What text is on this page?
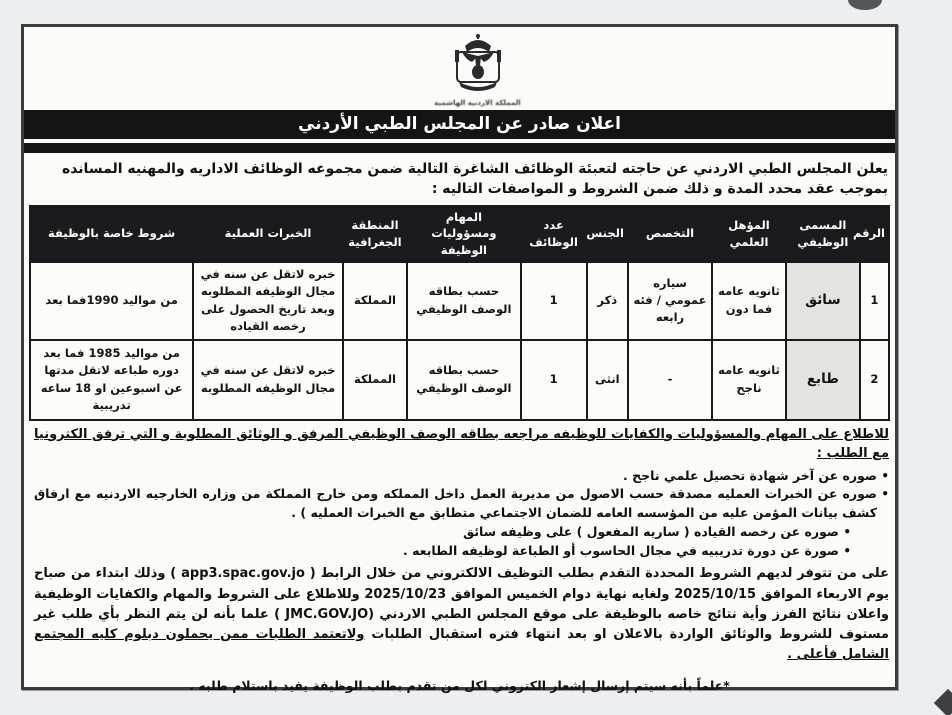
المملكة الاردنية الهاشمية
اعلان صادر عن المجلس الطبي الأردني
يعلن المجلس الطبي الاردني عن حاجته لتعبئة الوظائف الشاغرة التالية ضمن مجموعه الوظائف الاداريه والمهنيه المسانده بموجب عقد محدد المدة و ذلك ضمن الشروط و المواصفات التاليه :
الرقم	المسمى الوظيفي	المؤهل العلمي	التخصص	الجنس	عدد الوظائف	المهام ومسؤوليات الوظيفة	المنطقة الجغرافية	الخبرات العملية	شروط خاصة بالوظيفة
1	سائق	ثانويه عامه فما دون	سياره عمومي / فئه رابعه	ذكر	1	حسب بطاقه الوصف الوظيفي	المملكة	خبره لاتقل عن سنه في مجال الوظيفه المطلوبه وبعد تاريخ الحصول على رخصه القياده	من مواليد 1990فما بعد
2	طابع	ثانويه عامه ناجح	-	انثى	1	حسب بطاقه الوصف الوظيفي	المملكة	خبره لاتقل عن سنه في مجال الوظيفه المطلوبه	من مواليد 1985 فما بعد دوره طباعه لاتقل مدتها عن اسبوعين او 18 ساعه تدريبية
للاطلاع على المهام والمسؤوليات والكفايات للوظيفه مراجعه بطاقه الوصف الوظيفي المرفق و الوثائق المطلوبة و التي ترفق الكترونيا مع الطلب :
• صوره عن آخر شهادة تحصيل علمي ناجح .
• صوره عن الخبرات العمليه مصدقة حسب الاصول من مديرية العمل داخل المملكه ومن خارج المملكة من وزاره الخارجيه الاردنيه مع ارفاق كشف بيانات المؤمن عليه من المؤسسه العامه للضمان الاجتماعي متطابق مع الخبرات العمليه ) .
• صوره عن رخصه القياده ( ساريه المفعول ) على وظيفه سائق
• صورة عن دورة تدريبيه في مجال الحاسوب أو الطباعة لوظيفه الطابعه .
على من تتوفر لديهم الشروط المحددة التقدم بطلب التوظيف الالكتروني من خلال الرابط ( app3.spac.gov.jo ) وذلك ابتداء من صباح يوم الاربعاء الموافق 2025/10/15 ولغايه نهاية دوام الخميس الموافق 2025/10/23 وللاطلاع على الشروط والمهام والكفايات الوظيفية واعلان نتائج الفرز وأية نتائج خاصه بالوظيفة على موقع المجلس الطبي الاردني (JMC.GOV.JO ) علما بأنه لن يتم النظر بأي طلب غير مستوف للشروط والوثائق الواردة بالاعلان او بعد انتهاء فتره استقبال الطلبات ولاتعتمد الطلبات ممن يحملون دبلوم كليه المجتمع الشامل فأعلى .
*علماً بأنه سيتم إرسال إشعار الكتروني لكل من تقدم بطلب الوظيفة يفيد باستلام طلبه .
